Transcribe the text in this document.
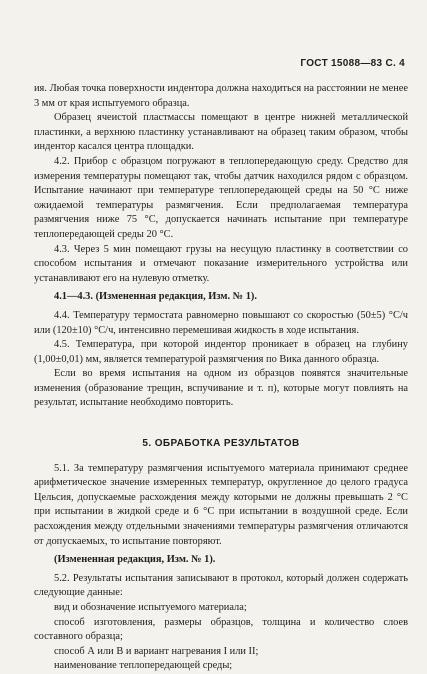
ГОСТ 15088—83 С. 4

ия. Любая точка поверхности индентора должна находиться на расстоянии не менее 3 мм от края испытуемого образца.

Образец ячеистой пластмассы помещают в центре нижней металлической пластинки, а верхнюю пластинку устанавливают на образец таким образом, чтобы индентор касался центра площадки.

4.2. Прибор с образцом погружают в теплопередающую среду. Средство для измерения температуры помещают так, чтобы датчик находился рядом с образцом. Испытание начинают при температуре теплопередающей среды на 50 °С ниже ожидаемой температуры размягчения. Если предполагаемая температура размягчения ниже 75 °С, допускается начинать испытание при температуре теплопередающей среды 20 °С.

4.3. Через 5 мин помещают грузы на несущую пластинку в соответствии со способом испытания и отмечают показание измерительного устройства или устанавливают его на нулевую отметку.

4.1—4.3. (Измененная редакция, Изм. № 1).

4.4. Температуру термостата равномерно повышают со скоростью (50±5) °С/ч или (120±10) °С/ч, интенсивно перемешивая жидкость в ходе испытания.

4.5. Температура, при которой индентор проникает в образец на глубину (1,00±0,01) мм, является температурой размягчения по Вика данного образца.

Если во время испытания на одном из образцов появятся значительные изменения (образование трещин, вспучивание и т. п), которые могут повлиять на результат, испытание необходимо повторить.

5. ОБРАБОТКА РЕЗУЛЬТАТОВ

5.1. За температуру размягчения испытуемого материала принимают среднее арифметическое значение измеренных температур, округленное до целого градуса Цельсия, допускаемые расхождения между которыми не должны превышать 2 °С при испытании в жидкой среде и 6 °С при испытании в воздушной среде. Если расхождения между отдельными значениями температуры размягчения отличаются от допускаемых, то испытание повторяют.

(Измененная редакция, Изм. № 1).

5.2. Результаты испытания записывают в протокол, который должен содержать следующие данные:

вид и обозначение испытуемого материала;

способ изготовления, размеры образцов, толщина и количество слоев составного образца;

способ А или В и вариант нагревания I или II;

наименование теплопередающей среды;
